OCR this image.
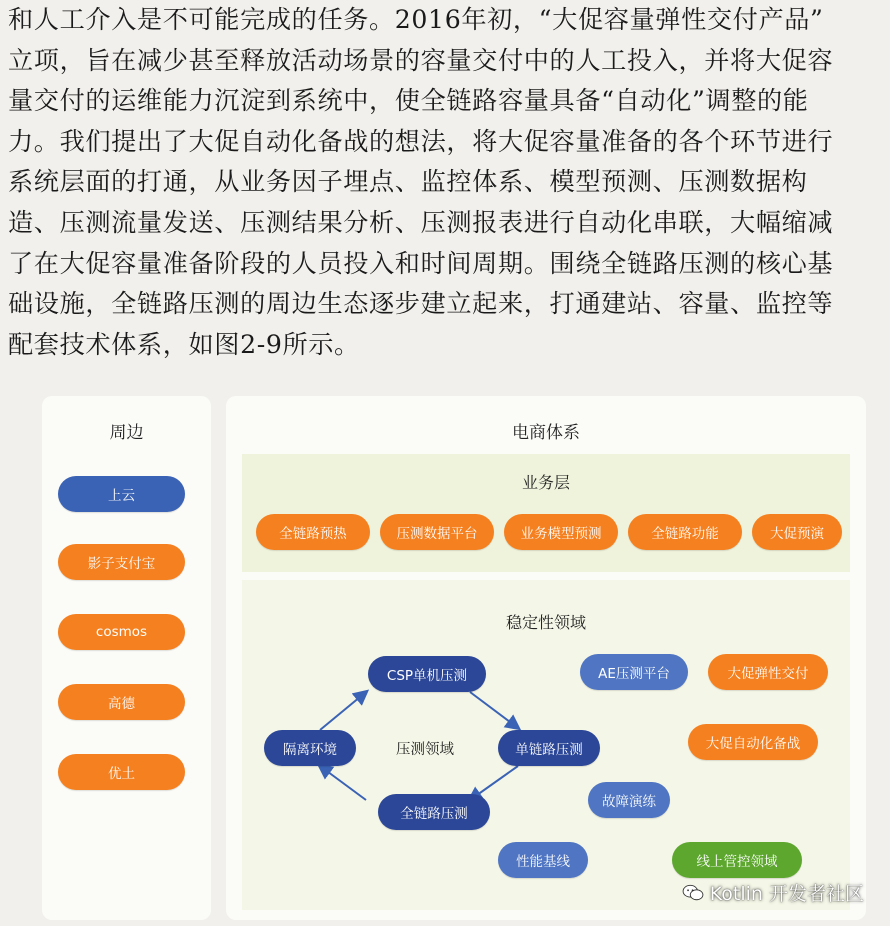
和人工介入是不可能完成的任务。2016年初，“大促容量弹性交付产品”
立项，旨在减少甚至释放活动场景的容量交付中的人工投入，并将大促容
量交付的运维能力沉淀到系统中，使全链路容量具备“自动化”调整的能
力。我们提出了大促自动化备战的想法，将大促容量准备的各个环节进行
系统层面的打通，从业务因子埋点、监控体系、模型预测、压测数据构
造、压测流量发送、压测结果分析、压测报表进行自动化串联，大幅缩减
了在大促容量准备阶段的人员投入和时间周期。围绕全链路压测的核心基
础设施，全链路压测的周边生态逐步建立起来，打通建站、容量、监控等
配套技术体系，如图2-9所示。
周边
上云
影子支付宝
cosmos
高德
优土
电商体系
业务层
全链路预热	压测数据平台	业务模型预测	全链路功能	大促预演
稳定性领域
压测领域
CSP单机压测
隔离环境	单链路压测
全链路压测
AE压测平台	大促弹性交付
大促自动化备战
故障演练
性能基线	线上管控领域
Kotlin 开发者社区
